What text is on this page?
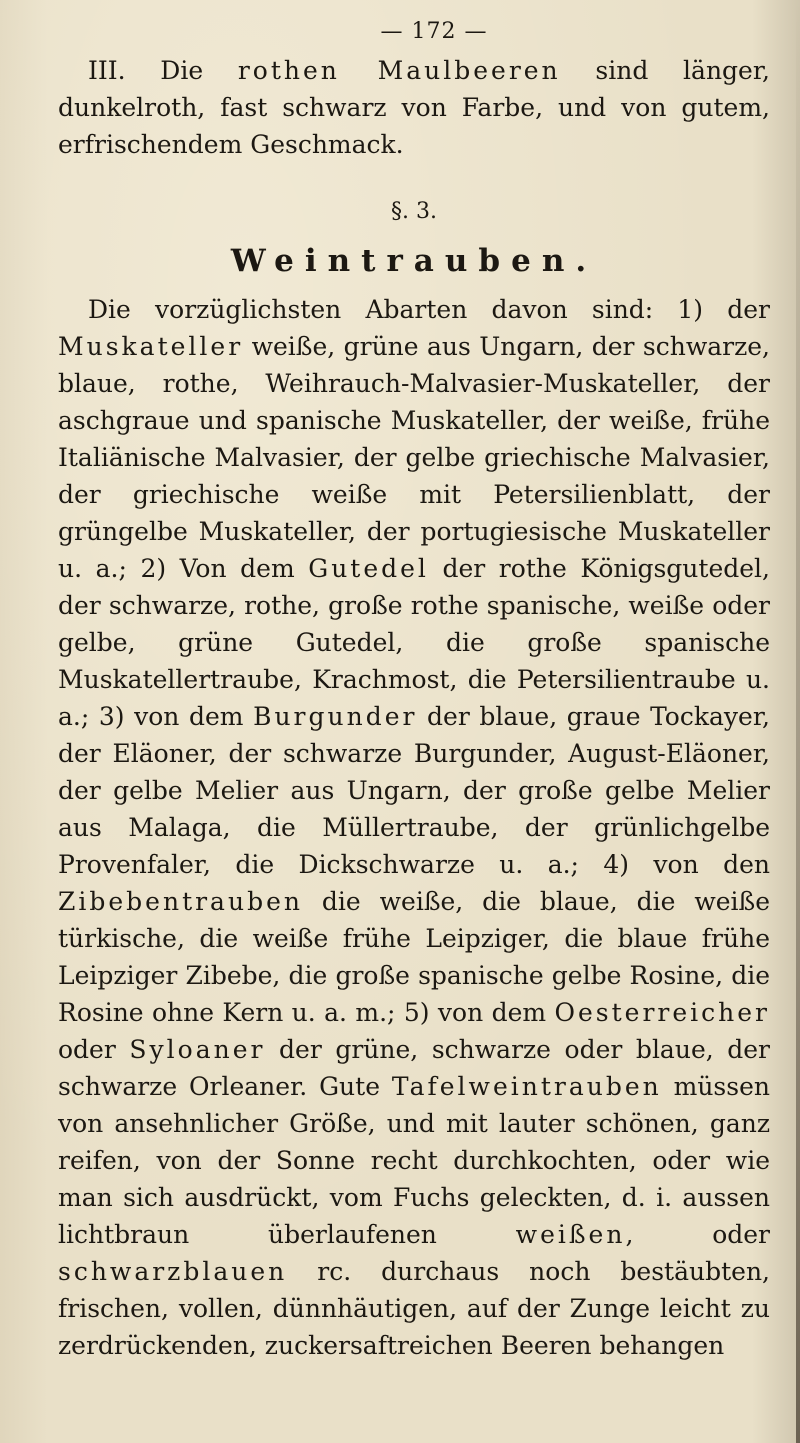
— 172 —

III. Die rothen Maulbeeren sind länger, dunkelroth, fast schwarz von Farbe, und von gutem, erfrischendem Geschmack.

§. 3.
Weintrauben.

Die vorzüglichsten Abarten davon sind: 1) der Muskateller weiße, grüne aus Ungarn, der schwarze, blaue, rothe, Weihrauch-Malvasier-Muskateller, der aschgraue und spanische Muskateller, der weiße, frühe Italiänische Malvasier, der gelbe griechische Malvasier, der griechische weiße mit Petersilienblatt, der grüngelbe Muskateller, der portugiesische Muskateller u. a.; 2) Von dem Gutedel der rothe Königsgutedel, der schwarze, rothe, große rothe spanische, weiße oder gelbe, grüne Gutedel, die große spanische Muskatellertraube, Krachmost, die Petersilientraube u. a.; 3) von dem Burgunder der blaue, graue Tockayer, der Eläoner, der schwarze Burgunder, August-Eläoner, der gelbe Melier aus Ungarn, der große gelbe Melier aus Malaga, die Müllertraube, der grünlichgelbe Provenfaler, die Dickschwarze u. a.; 4) von den Zibebentrauben die weiße, die blaue, die weiße türkische, die weiße frühe Leipziger, die blaue frühe Leipziger Zibebe, die große spanische gelbe Rosine, die Rosine ohne Kern u. a. m.; 5) von dem Oesterreicher oder Syloaner der grüne, schwarze oder blaue, der schwarze Orleaner. Gute Tafelweintrauben müssen von ansehnlicher Größe, und mit lauter schönen, ganz reifen, von der Sonne recht durchkochten, oder wie man sich ausdrückt, vom Fuchs geleckten, d. i. aussen lichtbraun überlaufenen weißen, oder schwarzblauen rc. durchaus noch bestäubten, frischen, vollen, dünnhäutigen, auf der Zunge leicht zu zerdrückenden, zuckersaftreichen Beeren behangen
